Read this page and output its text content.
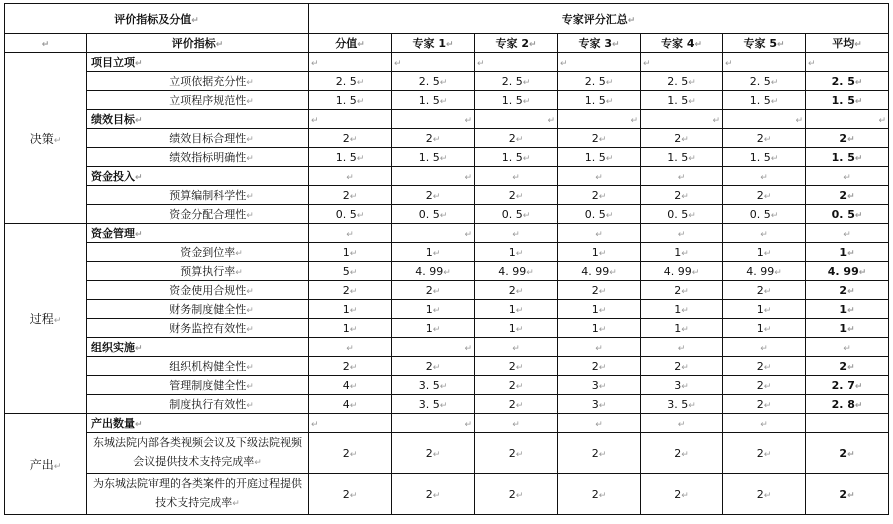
评价指标及分值↵		专家评分汇总↵						
↵	评价指标↵	分值↵	专家 1↵	专家 2↵	专家 3↵	专家 4↵	专家 5↵	平均↵
决策↵	项目立项↵	↵	↵	↵	↵	↵	↵	↵
	立项依据充分性↵	2. 5↵	2. 5↵	2. 5↵	2. 5↵	2. 5↵	2. 5↵	2. 5↵
	立项程序规范性↵	1. 5↵	1. 5↵	1. 5↵	1. 5↵	1. 5↵	1. 5↵	1. 5↵
	绩效目标↵	↵	↵	↵	↵	↵	↵	↵
	绩效目标合理性↵	2↵	2↵	2↵	2↵	2↵	2↵	2↵
	绩效指标明确性↵	1. 5↵	1. 5↵	1. 5↵	1. 5↵	1. 5↵	1. 5↵	1. 5↵
	资金投入↵	↵	↵	↵	↵	↵	↵	↵
	预算编制科学性↵	2↵	2↵	2↵	2↵	2↵	2↵	2↵
	资金分配合理性↵	0. 5↵	0. 5↵	0. 5↵	0. 5↵	0. 5↵	0. 5↵	0. 5↵
过程↵	资金管理↵	↵	↵	↵	↵	↵	↵	↵
	资金到位率↵	1↵	1↵	1↵	1↵	1↵	1↵	1↵
	预算执行率↵	5↵	4. 99↵	4. 99↵	4. 99↵	4. 99↵	4. 99↵	4. 99↵
	资金使用合规性↵	2↵	2↵	2↵	2↵	2↵	2↵	2↵
	财务制度健全性↵	1↵	1↵	1↵	1↵	1↵	1↵	1↵
	财务监控有效性↵	1↵	1↵	1↵	1↵	1↵	1↵	1↵
	组织实施↵	↵	↵	↵	↵	↵	↵	↵
	组织机构健全性↵	2↵	2↵	2↵	2↵	2↵	2↵	2↵
	管理制度健全性↵	4↵	3. 5↵	2↵	3↵	3↵	2↵	2. 7↵
	制度执行有效性↵	4↵	3. 5↵	2↵	3↵	3. 5↵	2↵	2. 8↵
产出↵	产出数量↵	↵	↵	↵	↵	↵	↵	
	东城法院内部各类视频会议及下级法院视频会议提供技术支持完成率↵	2↵	2↵	2↵	2↵	2↵	2↵	2↵
	为东城法院审理的各类案件的开庭过程提供技术支持完成率↵	2↵	2↵	2↵	2↵	2↵	2↵	2↵
